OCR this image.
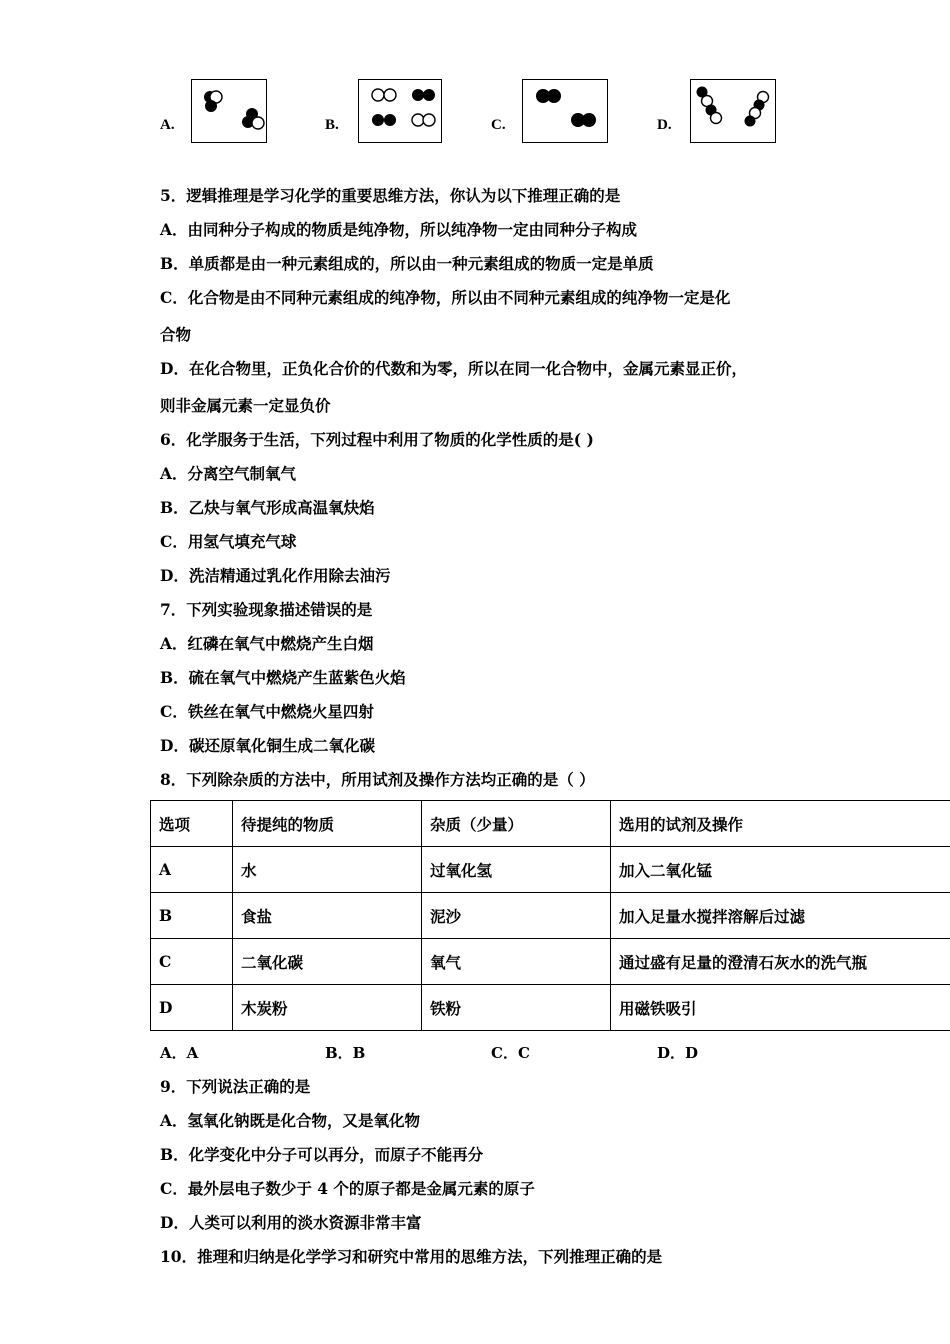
A.	B.	C.	D.
5．逻辑推理是学习化学的重要思维方法，你认为以下推理正确的是
A．由同种分子构成的物质是纯净物，所以纯净物一定由同种分子构成
B．单质都是由一种元素组成的，所以由一种元素组成的物质一定是单质
C．化合物是由不同种元素组成的纯净物，所以由不同种元素组成的纯净物一定是化
合物
D．在化合物里，正负化合价的代数和为零，所以在同一化合物中，金属元素显正价，
则非金属元素一定显负价
6．化学服务于生活，下列过程中利用了物质的化学性质的是( )
A．分离空气制氧气
B．乙炔与氧气形成高温氧炔焰
C．用氢气填充气球
D．洗洁精通过乳化作用除去油污
7．下列实验现象描述错误的是
A．红磷在氧气中燃烧产生白烟
B．硫在氧气中燃烧产生蓝紫色火焰
C．铁丝在氧气中燃烧火星四射
D．碳还原氧化铜生成二氧化碳
8．下列除杂质的方法中，所用试剂及操作方法均正确的是（ ）
选项	待提纯的物质	杂质（少量）	选用的试剂及操作
A	水	过氧化氢	加入二氧化锰
B	食盐	泥沙	加入足量水搅拌溶解后过滤
C	二氧化碳	氧气	通过盛有足量的澄清石灰水的洗气瓶
D	木炭粉	铁粉	用磁铁吸引
A．A	B．B	C．C	D．D
9．下列说法正确的是
A．氢氧化钠既是化合物，又是氧化物
B．化学变化中分子可以再分，而原子不能再分
C．最外层电子数少于 4 个的原子都是金属元素的原子
D．人类可以利用的淡水资源非常丰富
10．推理和归纳是化学学习和研究中常用的思维方法，下列推理正确的是
